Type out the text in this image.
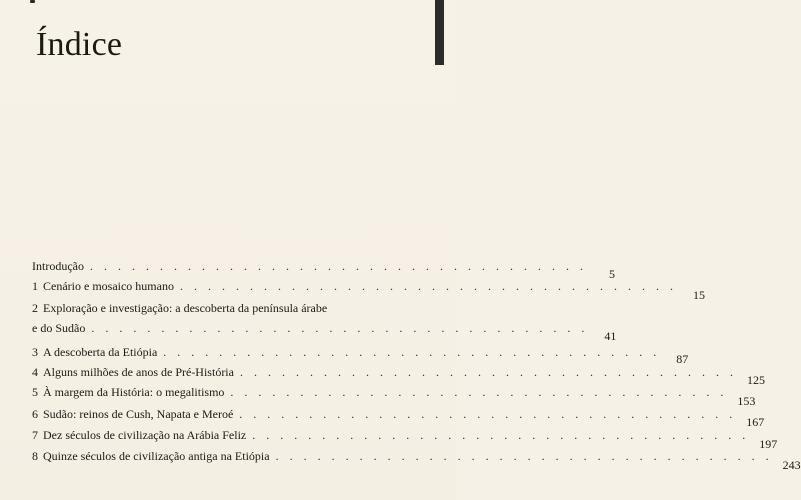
Índice
Introdução . . . . . . . . . . . . . . . . . . . . . . . . . . . . . . . . . . . .
5
1 Cenário e mosaico humano . . . . . . . . . . . . . . . . . . . . . . . . . . . . . . . . . . . .
15
2 Exploração e investigação: a descoberta da península árabe
e do Sudão . . . . . . . . . . . . . . . . . . . . . . . . . . . . . . . . . . . .
41
3 A descoberta da Etiópia . . . . . . . . . . . . . . . . . . . . . . . . . . . . . . . . . . . .	87
4 Alguns milhões de anos de Pré-História . . . . . . . . . . . . . . . . . . . . . . . . . . . . . . . . . . . .
125
5 À margem da História: o megalitismo . . . . . . . . . . . . . . . . . . . . . . . . . . . . . . . . . . . .
153
6 Sudão: reinos de Cush, Napata e Meroé . . . . . . . . . . . . . . . . . . . . . . . . . . . . . . . . . . . .
167
7 Dez séculos de civilização na Arábia Feliz . . . . . . . . . . . . . . . . . . . . . . . . . . . . . . . . . . . .
197
8 Quinze séculos de civilização antiga na Etiópia . . . . . . . . . . . . . . . . . . . . . . . . . . . . . . . . . . . .
243
